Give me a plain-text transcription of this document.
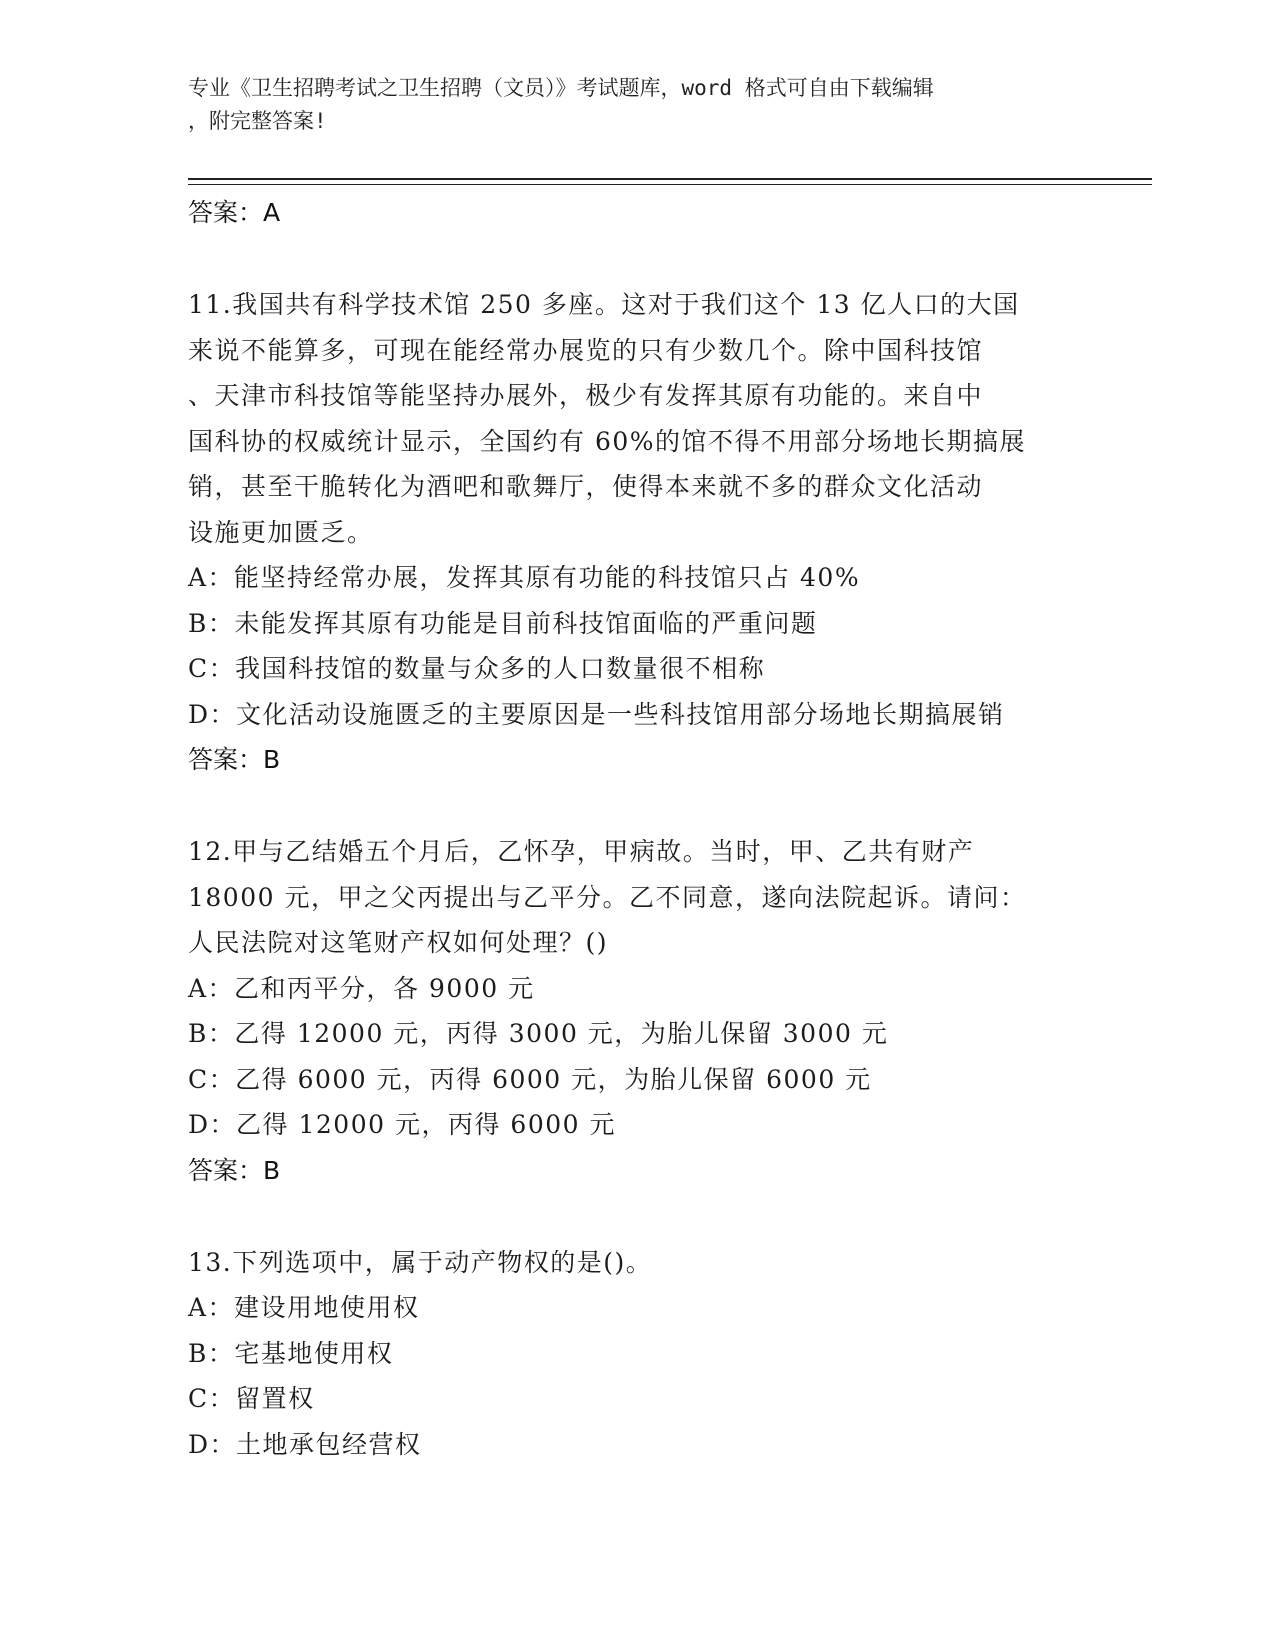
专业《卫生招聘考试之卫生招聘（文员）》考试题库，word 格式可自由下载编辑
，附完整答案!
答案：A
11.我国共有科学技术馆 250 多座。这对于我们这个 13 亿人口的大国
来说不能算多，可现在能经常办展览的只有少数几个。除中国科技馆
、天津市科技馆等能坚持办展外，极少有发挥其原有功能的。来自中
国科协的权威统计显示，全国约有 60%的馆不得不用部分场地长期搞展
销，甚至干脆转化为酒吧和歌舞厅，使得本来就不多的群众文化活动
设施更加匮乏。
A：能坚持经常办展，发挥其原有功能的科技馆只占 40%
B：未能发挥其原有功能是目前科技馆面临的严重问题
C：我国科技馆的数量与众多的人口数量很不相称
D：文化活动设施匮乏的主要原因是一些科技馆用部分场地长期搞展销
答案：B
12.甲与乙结婚五个月后，乙怀孕，甲病故。当时，甲、乙共有财产
18000 元，甲之父丙提出与乙平分。乙不同意，遂向法院起诉。请问：
人民法院对这笔财产权如何处理？()
A：乙和丙平分，各 9000 元
B：乙得 12000 元，丙得 3000 元，为胎儿保留 3000 元
C：乙得 6000 元，丙得 6000 元，为胎儿保留 6000 元
D：乙得 12000 元，丙得 6000 元
答案：B
13.下列选项中，属于动产物权的是()。
A：建设用地使用权
B：宅基地使用权
C：留置权
D：土地承包经营权
